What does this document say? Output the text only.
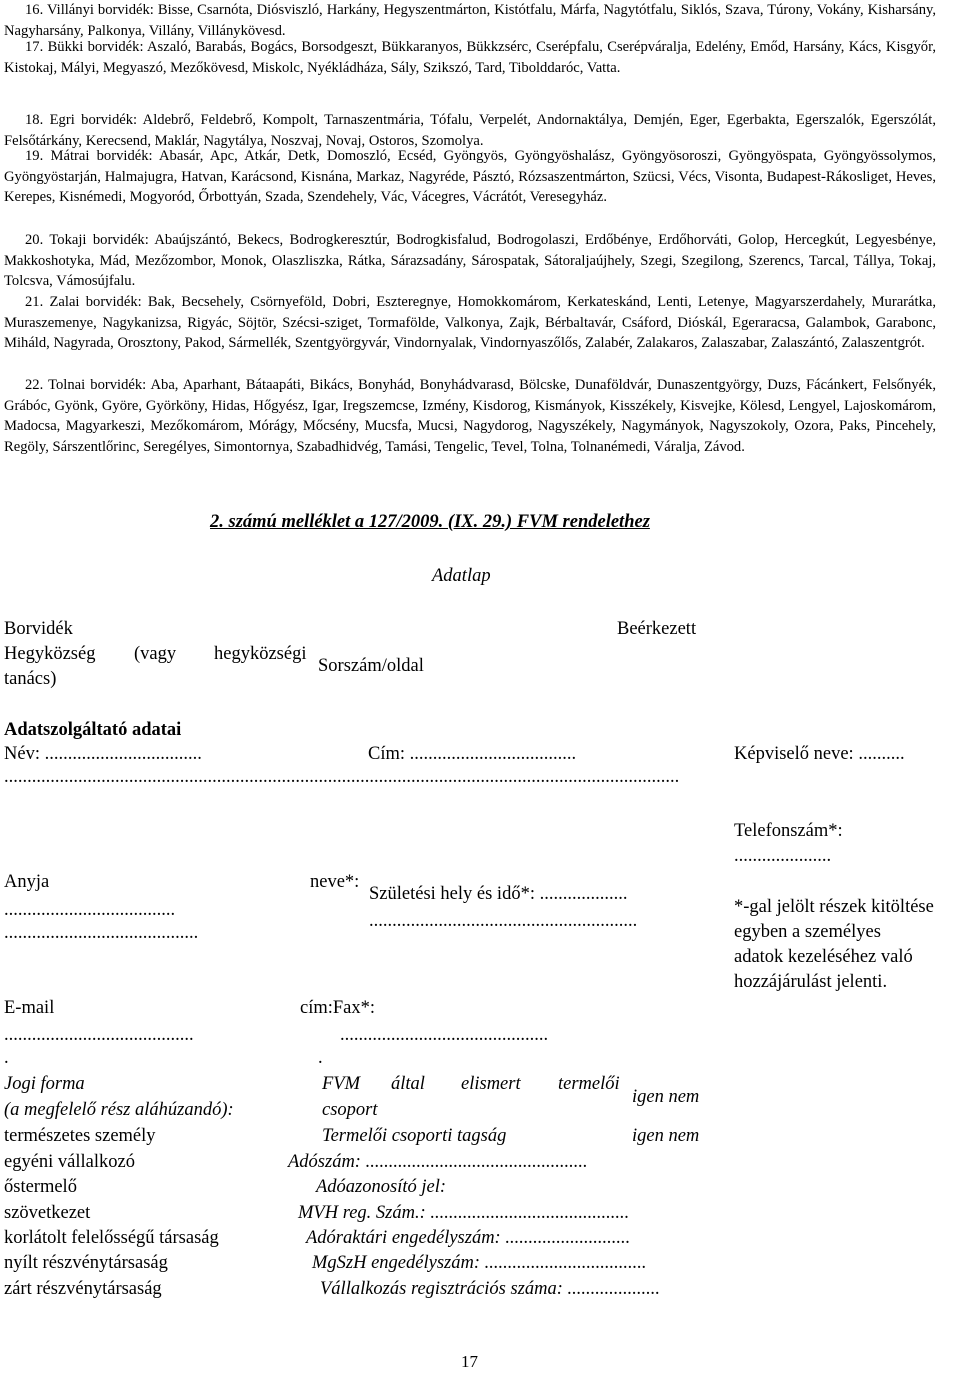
16. Villányi borvidék: Bisse, Csarnóta, Diósviszló, Harkány, Hegyszentmárton, Kistótfalu, Márfa, Nagytótfalu, Siklós, Szava, Túrony, Vokány, Kisharsány, Nagyharsány, Palkonya, Villány, Villánykövesd.

17. Bükki borvidék: Aszaló, Barabás, Bogács, Borsodgeszt, Bükkaranyos, Bükkzsérc, Cserépfalu, Cserépváralja, Edelény, Emőd, Harsány, Kács, Kisgyőr, Kistokaj, Mályi, Megyaszó, Mezőkövesd, Miskolc, Nyékládháza, Sály, Szikszó, Tard, Tibolddaróc, Vatta.

18. Egri borvidék: Aldebrő, Feldebrő, Kompolt, Tarnaszentmária, Tófalu, Verpelét, Andornaktálya, Demjén, Eger, Egerbakta, Egerszalók, Egerszólát, Felsőtárkány, Kerecsend, Maklár, Nagytálya, Noszvaj, Novaj, Ostoros, Szomolya.

19. Mátrai borvidék: Abasár, Apc, Atkár, Detk, Domoszló, Ecséd, Gyöngyös, Gyöngyöshalász, Gyöngyösoroszi, Gyöngyöspata, Gyöngyössolymos, Gyöngyöstarján, Halmajugra, Hatvan, Karácsond, Kisnána, Markaz, Nagyréde, Pásztó, Rózsaszentmárton, Szücsi, Vécs, Visonta, Budapest-Rákosliget, Heves, Kerepes, Kisnémedi, Mogyoród, Őrbottyán, Szada, Szendehely, Vác, Vácegres, Vácrátót, Veresegyház.

20. Tokaji borvidék: Abaújszántó, Bekecs, Bodrogkeresztúr, Bodrogkisfalud, Bodrogolaszi, Erdőbénye, Erdőhorváti, Golop, Hercegkút, Legyesbénye, Makkoshotyka, Mád, Mezőzombor, Monok, Olaszliszka, Rátka, Sárazsadány, Sárospatak, Sátoraljaújhely, Szegi, Szegilong, Szerencs, Tarcal, Tállya, Tokaj, Tolcsva, Vámosújfalu.

21. Zalai borvidék: Bak, Becsehely, Csörnyeföld, Dobri, Eszteregnye, Homokkomárom, Kerkateskánd, Lenti, Letenye, Magyarszerdahely, Murarátka, Muraszemenye, Nagykanizsa, Rigyác, Söjtör, Szécsi-sziget, Tormafölde, Valkonya, Zajk, Bérbaltavár, Csáford, Dióskál, Egeraracsa, Galambok, Garabonc, Miháld, Nagyrada, Orosztony, Pakod, Sármellék, Szentgyörgyvár, Vindornyalak, Vindornyaszőlős, Zalabér, Zalakaros, Zalaszabar, Zalaszántó, Zalaszentgrót.

22. Tolnai borvidék: Aba, Aparhant, Bátaapáti, Bikács, Bonyhád, Bonyhádvarasd, Bölcske, Dunaföldvár, Dunaszentgyörgy, Duzs, Fácánkert, Felsőnyék, Grábóc, Gyönk, Györe, Györköny, Hidas, Hőgyész, Igar, Iregszemcse, Izmény, Kisdorog, Kismányok, Kisszékely, Kisvejke, Kölesd, Lengyel, Lajoskomárom, Madocsa, Magyarkeszi, Mezőkomárom, Mórágy, Mőcsény, Mucsfa, Mucsi, Nagydorog, Nagyszékely, Nagymányok, Nagyszokoly, Ozora, Paks, Pincehely, Regöly, Sárszentlőrinc, Seregélyes, Simontornya, Szabadhidvég, Tamási, Tengelic, Tevel, Tolna, Tolnanémedi, Váralja, Závod.

2. számú melléklet a 127/2009. (IX. 29.) FVM rendelethez
Adatlap
Borvidék	Beérkezett
Hegyközség (vagy hegyközségi
Sorszám/oldal
tanács)
Adatszolgáltató adatai
Név: ..................................	Cím: ....................................	Képviselő neve: ..........
..................................................................................................................................................
Telefonszám*:
.....................
Anyja	neve*:
Születési hely és idő*: ...................
.....................................
..........................................
..........................................................
*-gal jelölt részek kitöltése
egyben a személyes
adatok kezeléséhez való
hozzájárulást jelenti.
E-mail	cím:Fax*:
.........................................	.............................................
.	.
Jogi forma
(a megfelelő rész aláhúzandó):
FVM által elismert termelői
csoport
igen nem
természetes személy	Termelői csoporti tagság	igen nem
egyéni vállalkozó	Adószám: ................................................
őstermelő	Adóazonosító jel:
szövetkezet	MVH reg. Szám.: ...........................................
korlátolt felelősségű társaság	Adóraktári engedélyszám: ...........................
nyílt részvénytársaság	MgSzH engedélyszám: ...................................
zárt részvénytársaság	Vállalkozás regisztrációs száma: ....................
17
